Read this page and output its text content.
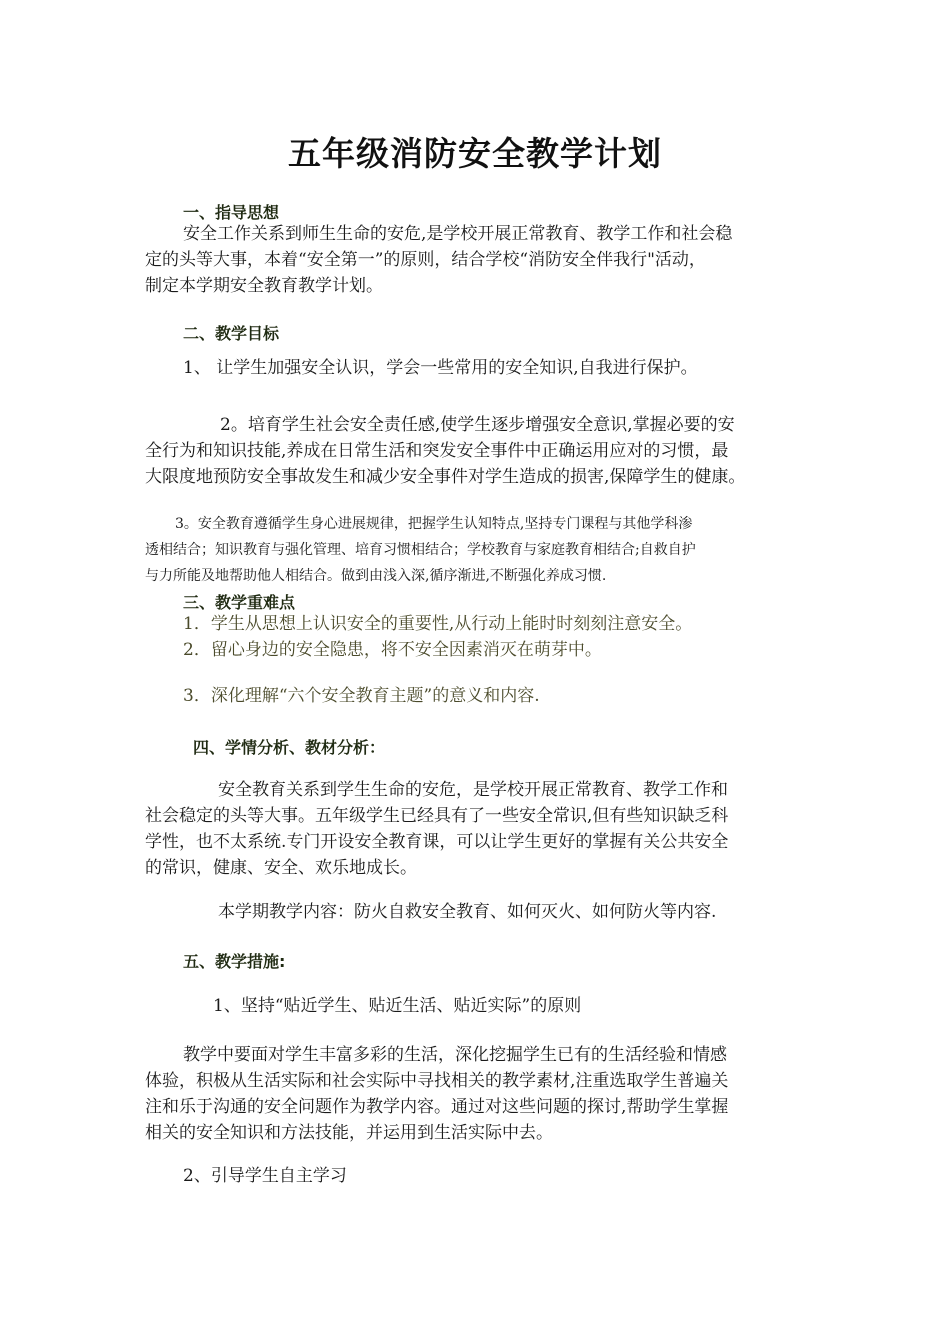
五年级消防安全教学计划
一、指导思想
安全工作关系到师生生命的安危,是学校开展正常教育、教学工作和社会稳
定的头等大事，本着“安全第一”的原则，结合学校“消防安全伴我行"活动，
制定本学期安全教育教学计划。
二、教学目标
1、 让学生加强安全认识，学会一些常用的安全知识,自我进行保护。
2。培育学生社会安全责任感,使学生逐步增强安全意识,掌握必要的安
全行为和知识技能,养成在日常生活和突发安全事件中正确运用应对的习惯，最
大限度地预防安全事故发生和减少安全事件对学生造成的损害,保障学生的健康。
3。安全教育遵循学生身心进展规律，把握学生认知特点,坚持专门课程与其他学科渗
透相结合；知识教育与强化管理、培育习惯相结合；学校教育与家庭教育相结合;自救自护
与力所能及地帮助他人相结合。做到由浅入深,循序渐进,不断强化养成习惯.
三、教学重难点
1．学生从思想上认识安全的重要性,从行动上能时时刻刻注意安全。
2．留心身边的安全隐患，将不安全因素消灭在萌芽中。
3．深化理解“六个安全教育主题”的意义和内容.
四、学情分析、教材分析：
安全教育关系到学生生命的安危，是学校开展正常教育、教学工作和
社会稳定的头等大事。五年级学生已经具有了一些安全常识,但有些知识缺乏科
学性，也不太系统.专门开设安全教育课，可以让学生更好的掌握有关公共安全
的常识，健康、安全、欢乐地成长。
本学期教学内容：防火自救安全教育、如何灭火、如何防火等内容.
五、教学措施:
1、坚持“贴近学生、贴近生活、贴近实际”的原则
教学中要面对学生丰富多彩的生活，深化挖掘学生已有的生活经验和情感
体验，积极从生活实际和社会实际中寻找相关的教学素材,注重选取学生普遍关
注和乐于沟通的安全问题作为教学内容。通过对这些问题的探讨,帮助学生掌握
相关的安全知识和方法技能，并运用到生活实际中去。
2、引导学生自主学习
